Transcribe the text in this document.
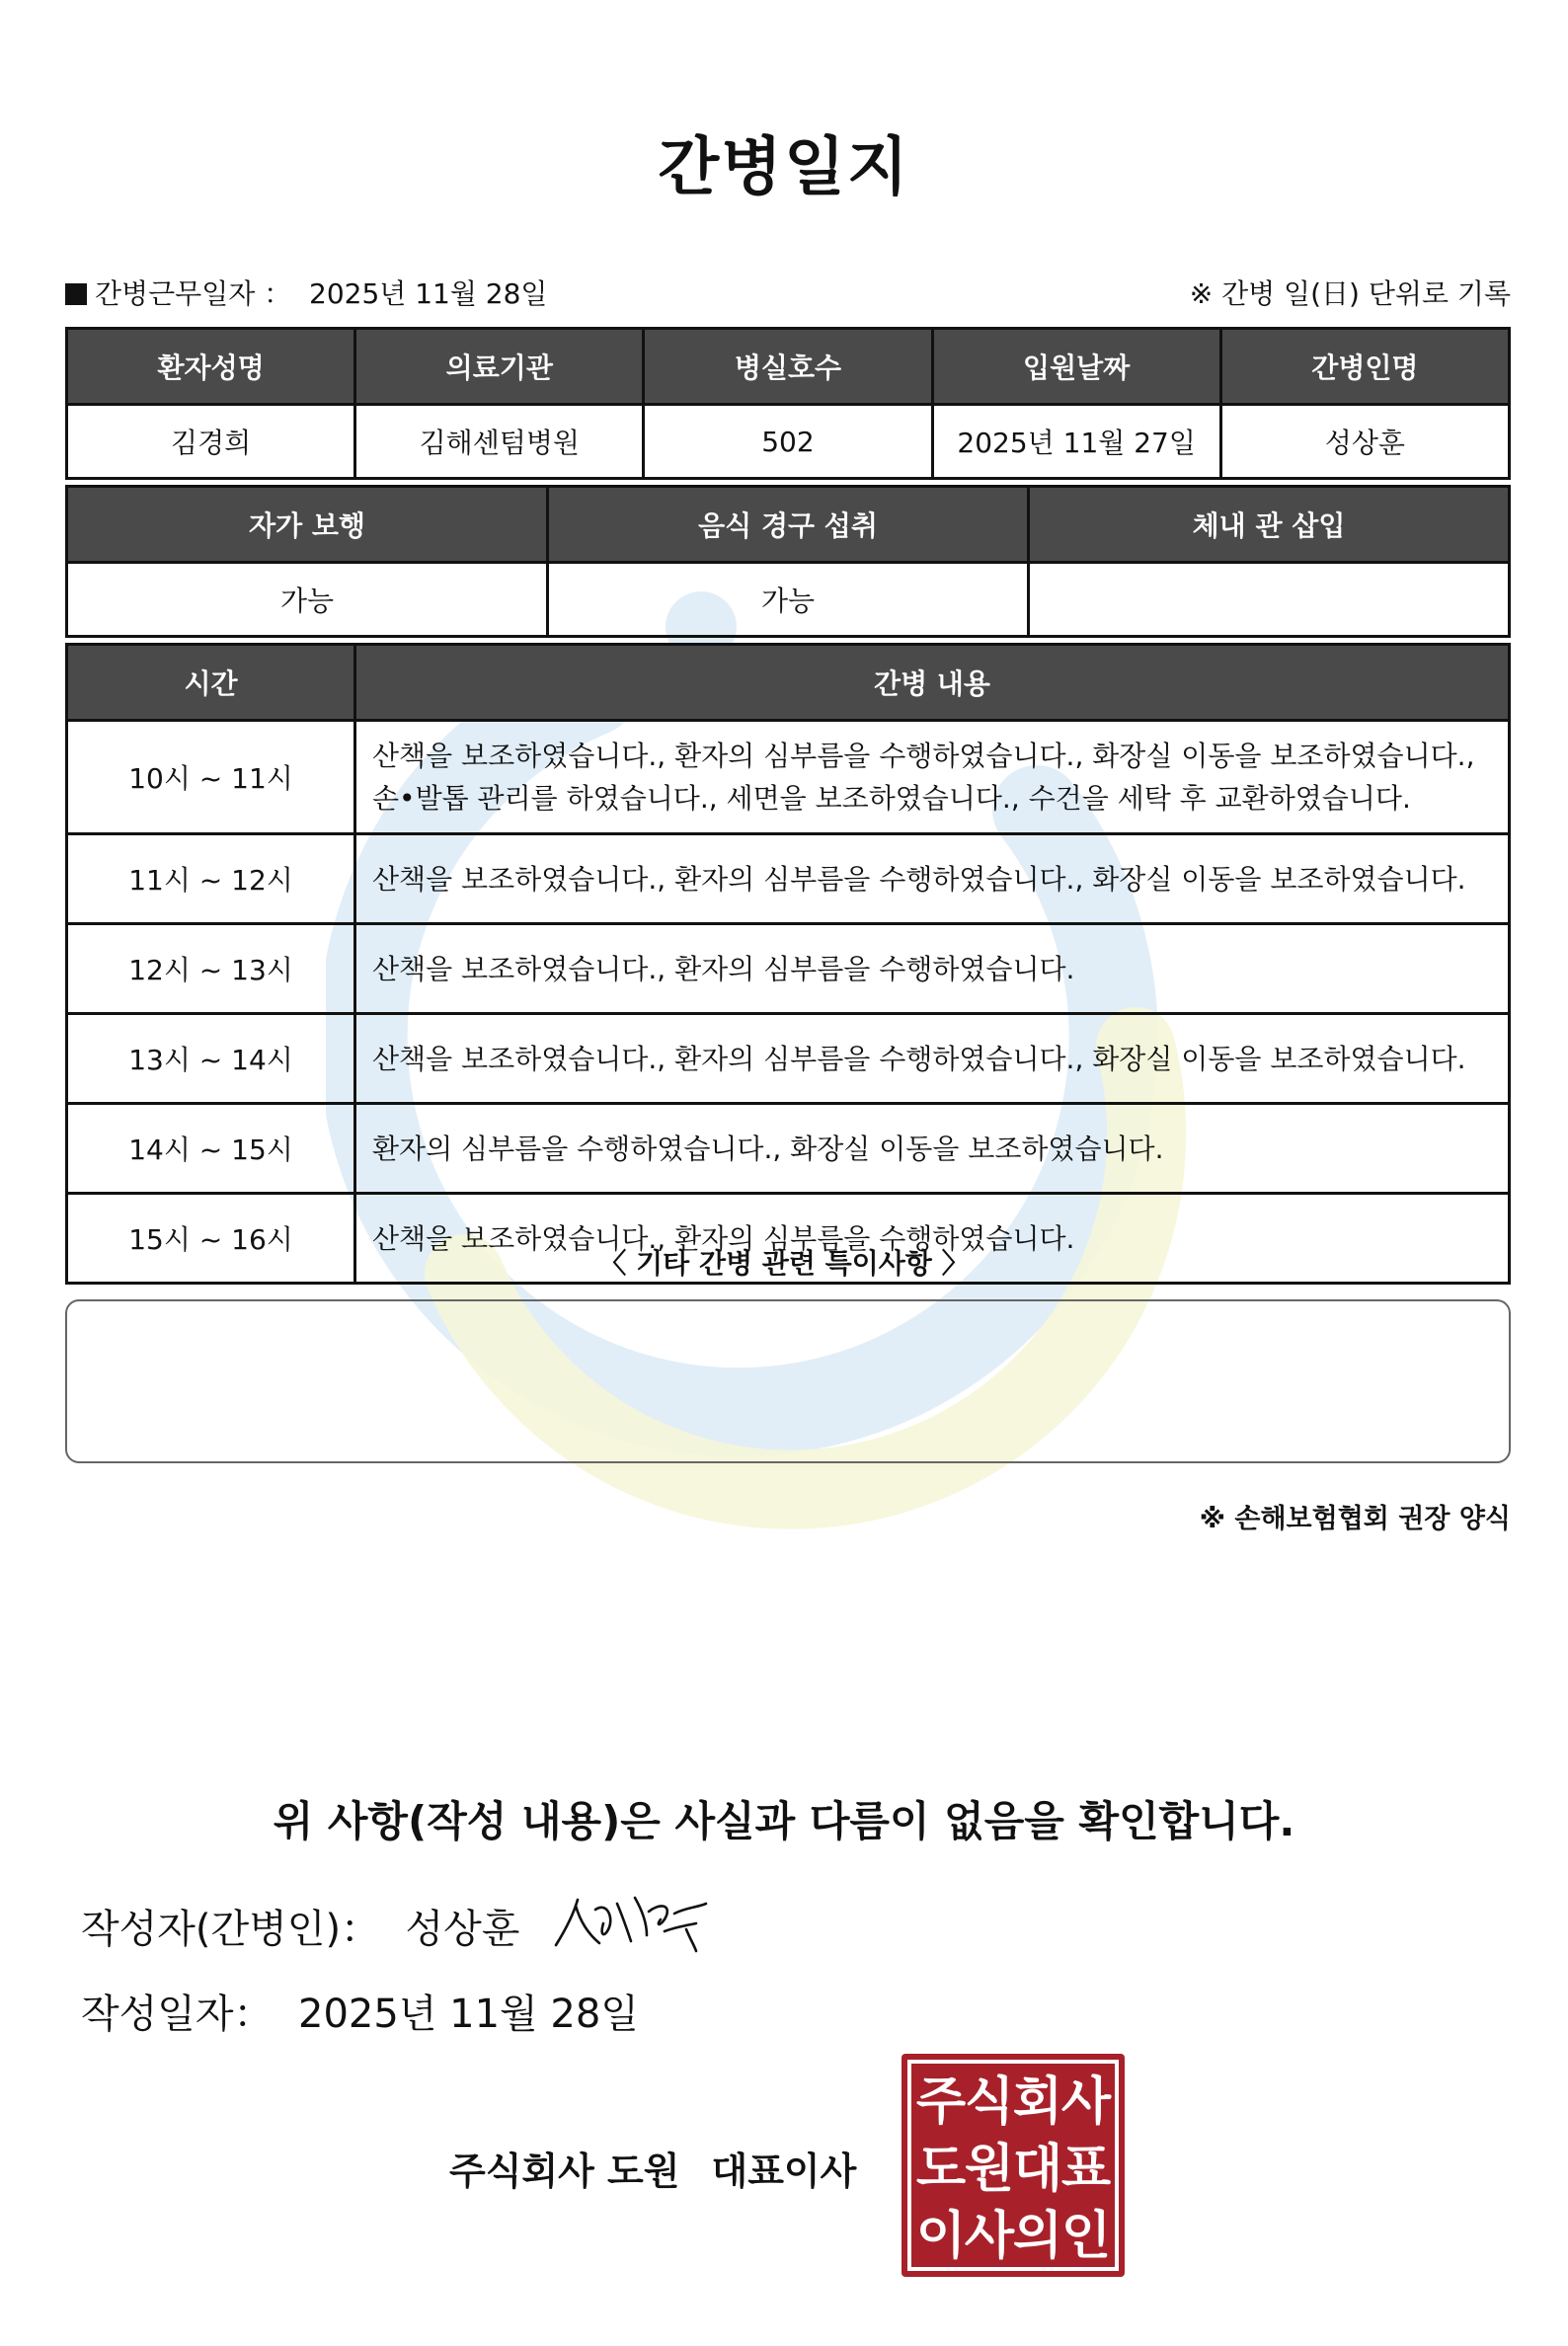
간병일지
간병근무일자 ： 2025년 11월 28일	※ 간병 일(日) 단위로 기록
환자성명	의료기관	병실호수	입원날짜	간병인명
김경희	김해센텀병원	502	2025년 11월 27일	성상훈
자가 보행	음식 경구 섭취	체내 관 삽입
가능	가능	
시간	간병 내용
10시 ~ 11시	산책을 보조하였습니다., 환자의 심부름을 수행하였습니다., 화장실 이동을 보조하였습니다., 손•발톱 관리를 하였습니다., 세면을 보조하였습니다., 수건을 세탁 후 교환하였습니다.
11시 ~ 12시	산책을 보조하였습니다., 환자의 심부름을 수행하였습니다., 화장실 이동을 보조하였습니다.
12시 ~ 13시	산책을 보조하였습니다., 환자의 심부름을 수행하였습니다.
13시 ~ 14시	산책을 보조하였습니다., 환자의 심부름을 수행하였습니다., 화장실 이동을 보조하였습니다.
14시 ~ 15시	환자의 심부름을 수행하였습니다., 화장실 이동을 보조하였습니다.
15시 ~ 16시	산책을 보조하였습니다., 환자의 심부름을 수행하였습니다.
〈 기타 간병 관련 특이사항 〉
※ 손해보험협회 권장 양식
위 사항(작성 내용)은 사실과 다름이 없음을 확인합니다.
작성자(간병인)： 성상훈
작성일자： 2025년 11월 28일
주식회사 도원 대표이사
주
식
회
사
도
원
대
표
이
사
의
인
